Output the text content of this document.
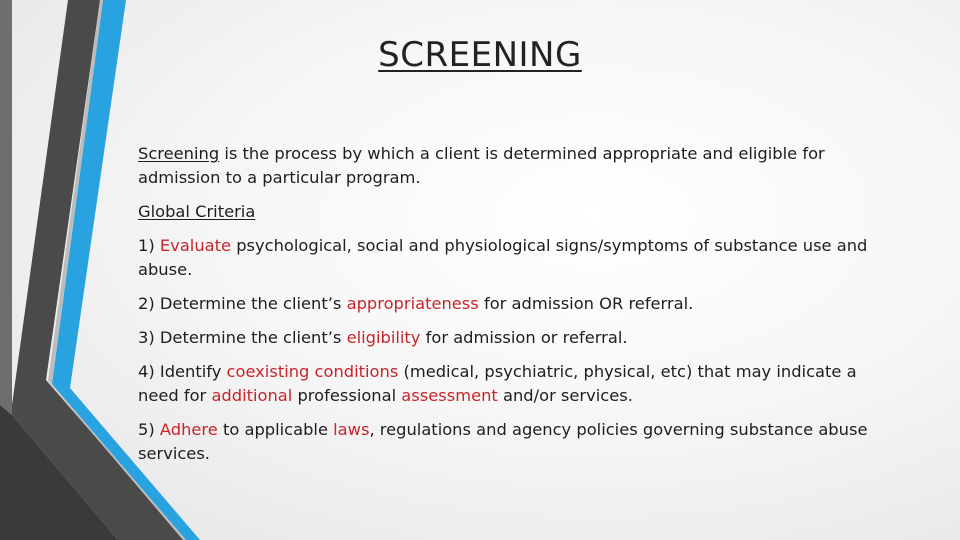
SCREENING

Screening is the process by which a client is determined appropriate and eligible for admission to a particular program.

Global Criteria

1) Evaluate psychological, social and physiological signs/symptoms of substance use and abuse.

2) Determine the client’s appropriateness for admission OR referral.

3) Determine the client’s eligibility for admission or referral.

4) Identify coexisting conditions (medical, psychiatric, physical, etc) that may indicate a need for additional professional assessment and/or services.

5) Adhere to applicable laws, regulations and agency policies governing substance abuse services.
